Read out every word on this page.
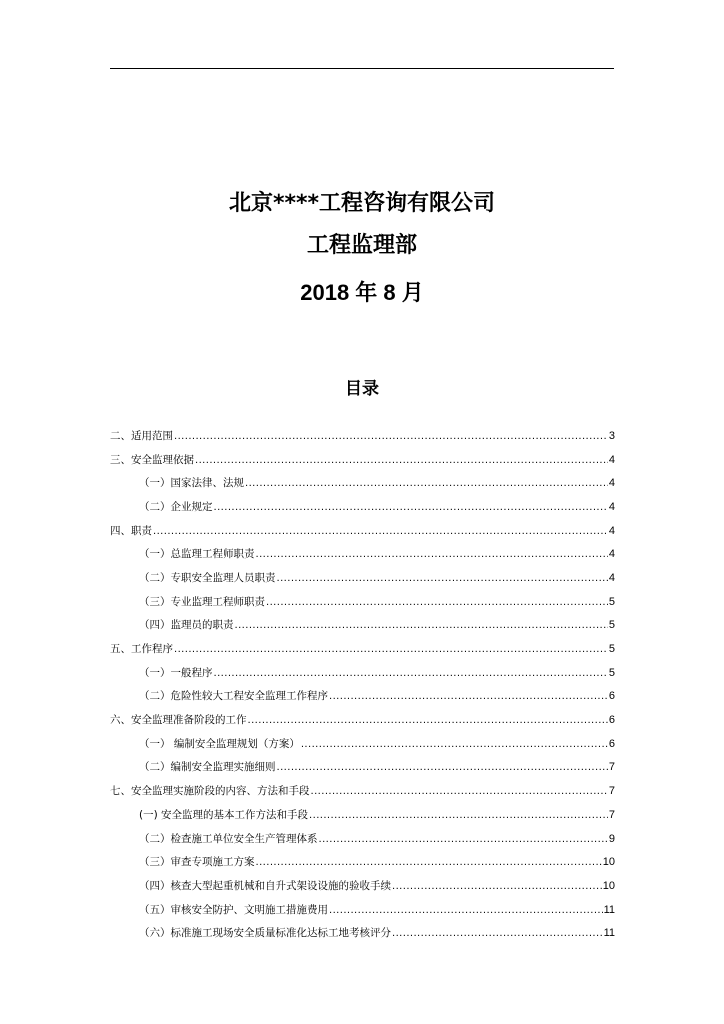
北京****工程咨询有限公司
工程监理部
2018 年 8 月
目录
二、适用范围 .....	3
三、安全监理依据 .....	4
（一）国家法律、法规 .....	4
（二）企业规定 .....	4
四、职责 .....	4
（一）总监理工程师职责 .....	4
（二）专职安全监理人员职责 .....	4
（三）专业监理工程师职责 .....	5
（四）监理员的职责 .....	5
五、工作程序 .....	5
（一）一般程序 .....	5
（二）危险性较大工程安全监理工作程序 .....	6
六、安全监理准备阶段的工作 .....	6
（一） 编制安全监理规划（方案） .....	6
（二）编制安全监理实施细则 .....	7
七、安全监理实施阶段的内容、方法和手段 .....	7
(一) 安全监理的基本工作方法和手段 .....	7
（二）检查施工单位安全生产管理体系 .....	9
（三）审查专项施工方案 .....	10
（四）核查大型起重机械和自升式架设设施的验收手续 .....	10
（五）审核安全防护、文明施工措施费用 .....	11
（六）标准施工现场安全质量标准化达标工地考核评分 .....	11
